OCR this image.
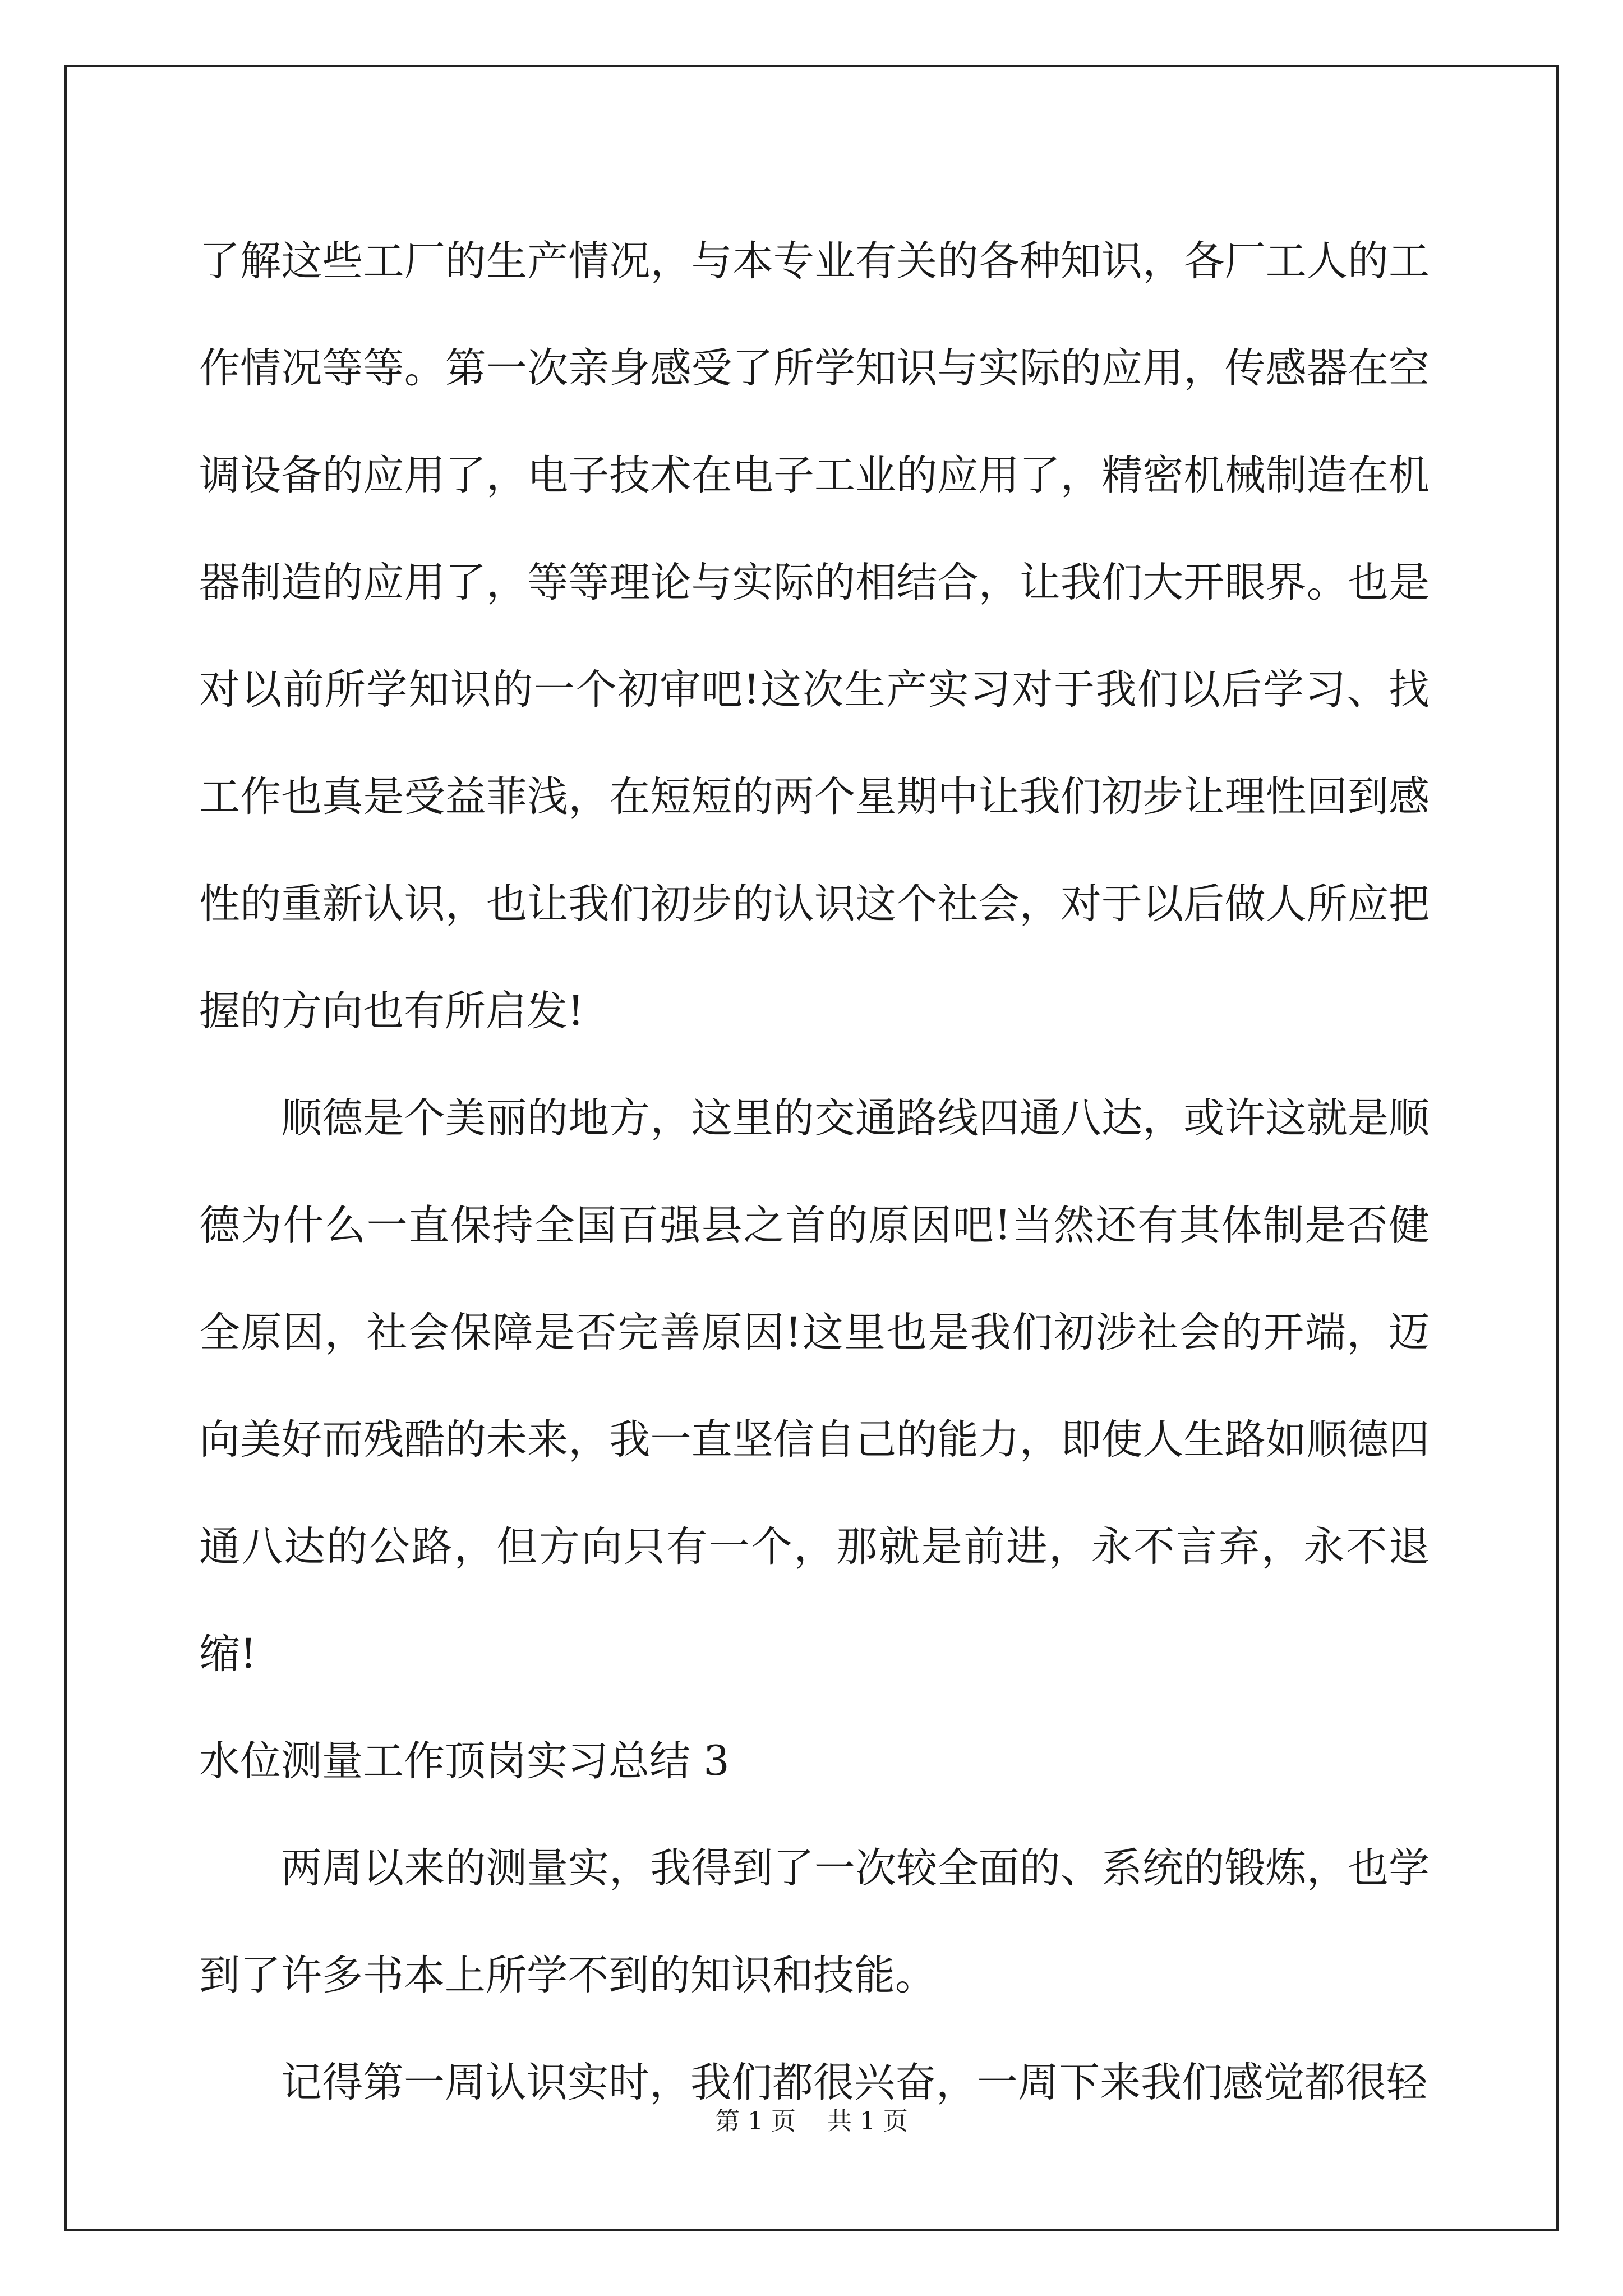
了解这些工厂的生产情况，与本专业有关的各种知识，各厂工人的工作情况等等。第一次亲身感受了所学知识与实际的应用，传感器在空调设备的应用了，电子技术在电子工业的应用了，精密机械制造在机器制造的应用了，等等理论与实际的相结合，让我们大开眼界。也是对以前所学知识的一个初审吧!这次生产实习对于我们以后学习、找工作也真是受益菲浅，在短短的两个星期中让我们初步让理性回到感性的重新认识，也让我们初步的认识这个社会，对于以后做人所应把握的方向也有所启发!

顺德是个美丽的地方，这里的交通路线四通八达，或许这就是顺德为什么一直保持全国百强县之首的原因吧!当然还有其体制是否健全原因，社会保障是否完善原因!这里也是我们初涉社会的开端，迈向美好而残酷的未来，我一直坚信自己的能力，即使人生路如顺德四通八达的公路，但方向只有一个，那就是前进，永不言弃，永不退缩!

水位测量工作顶岗实习总结 3

两周以来的测量实，我得到了一次较全面的、系统的锻炼，也学到了许多书本上所学不到的知识和技能。

记得第一周认识实时，我们都很兴奋，一周下来我们感觉都很轻

第 1 页    共 1 页
